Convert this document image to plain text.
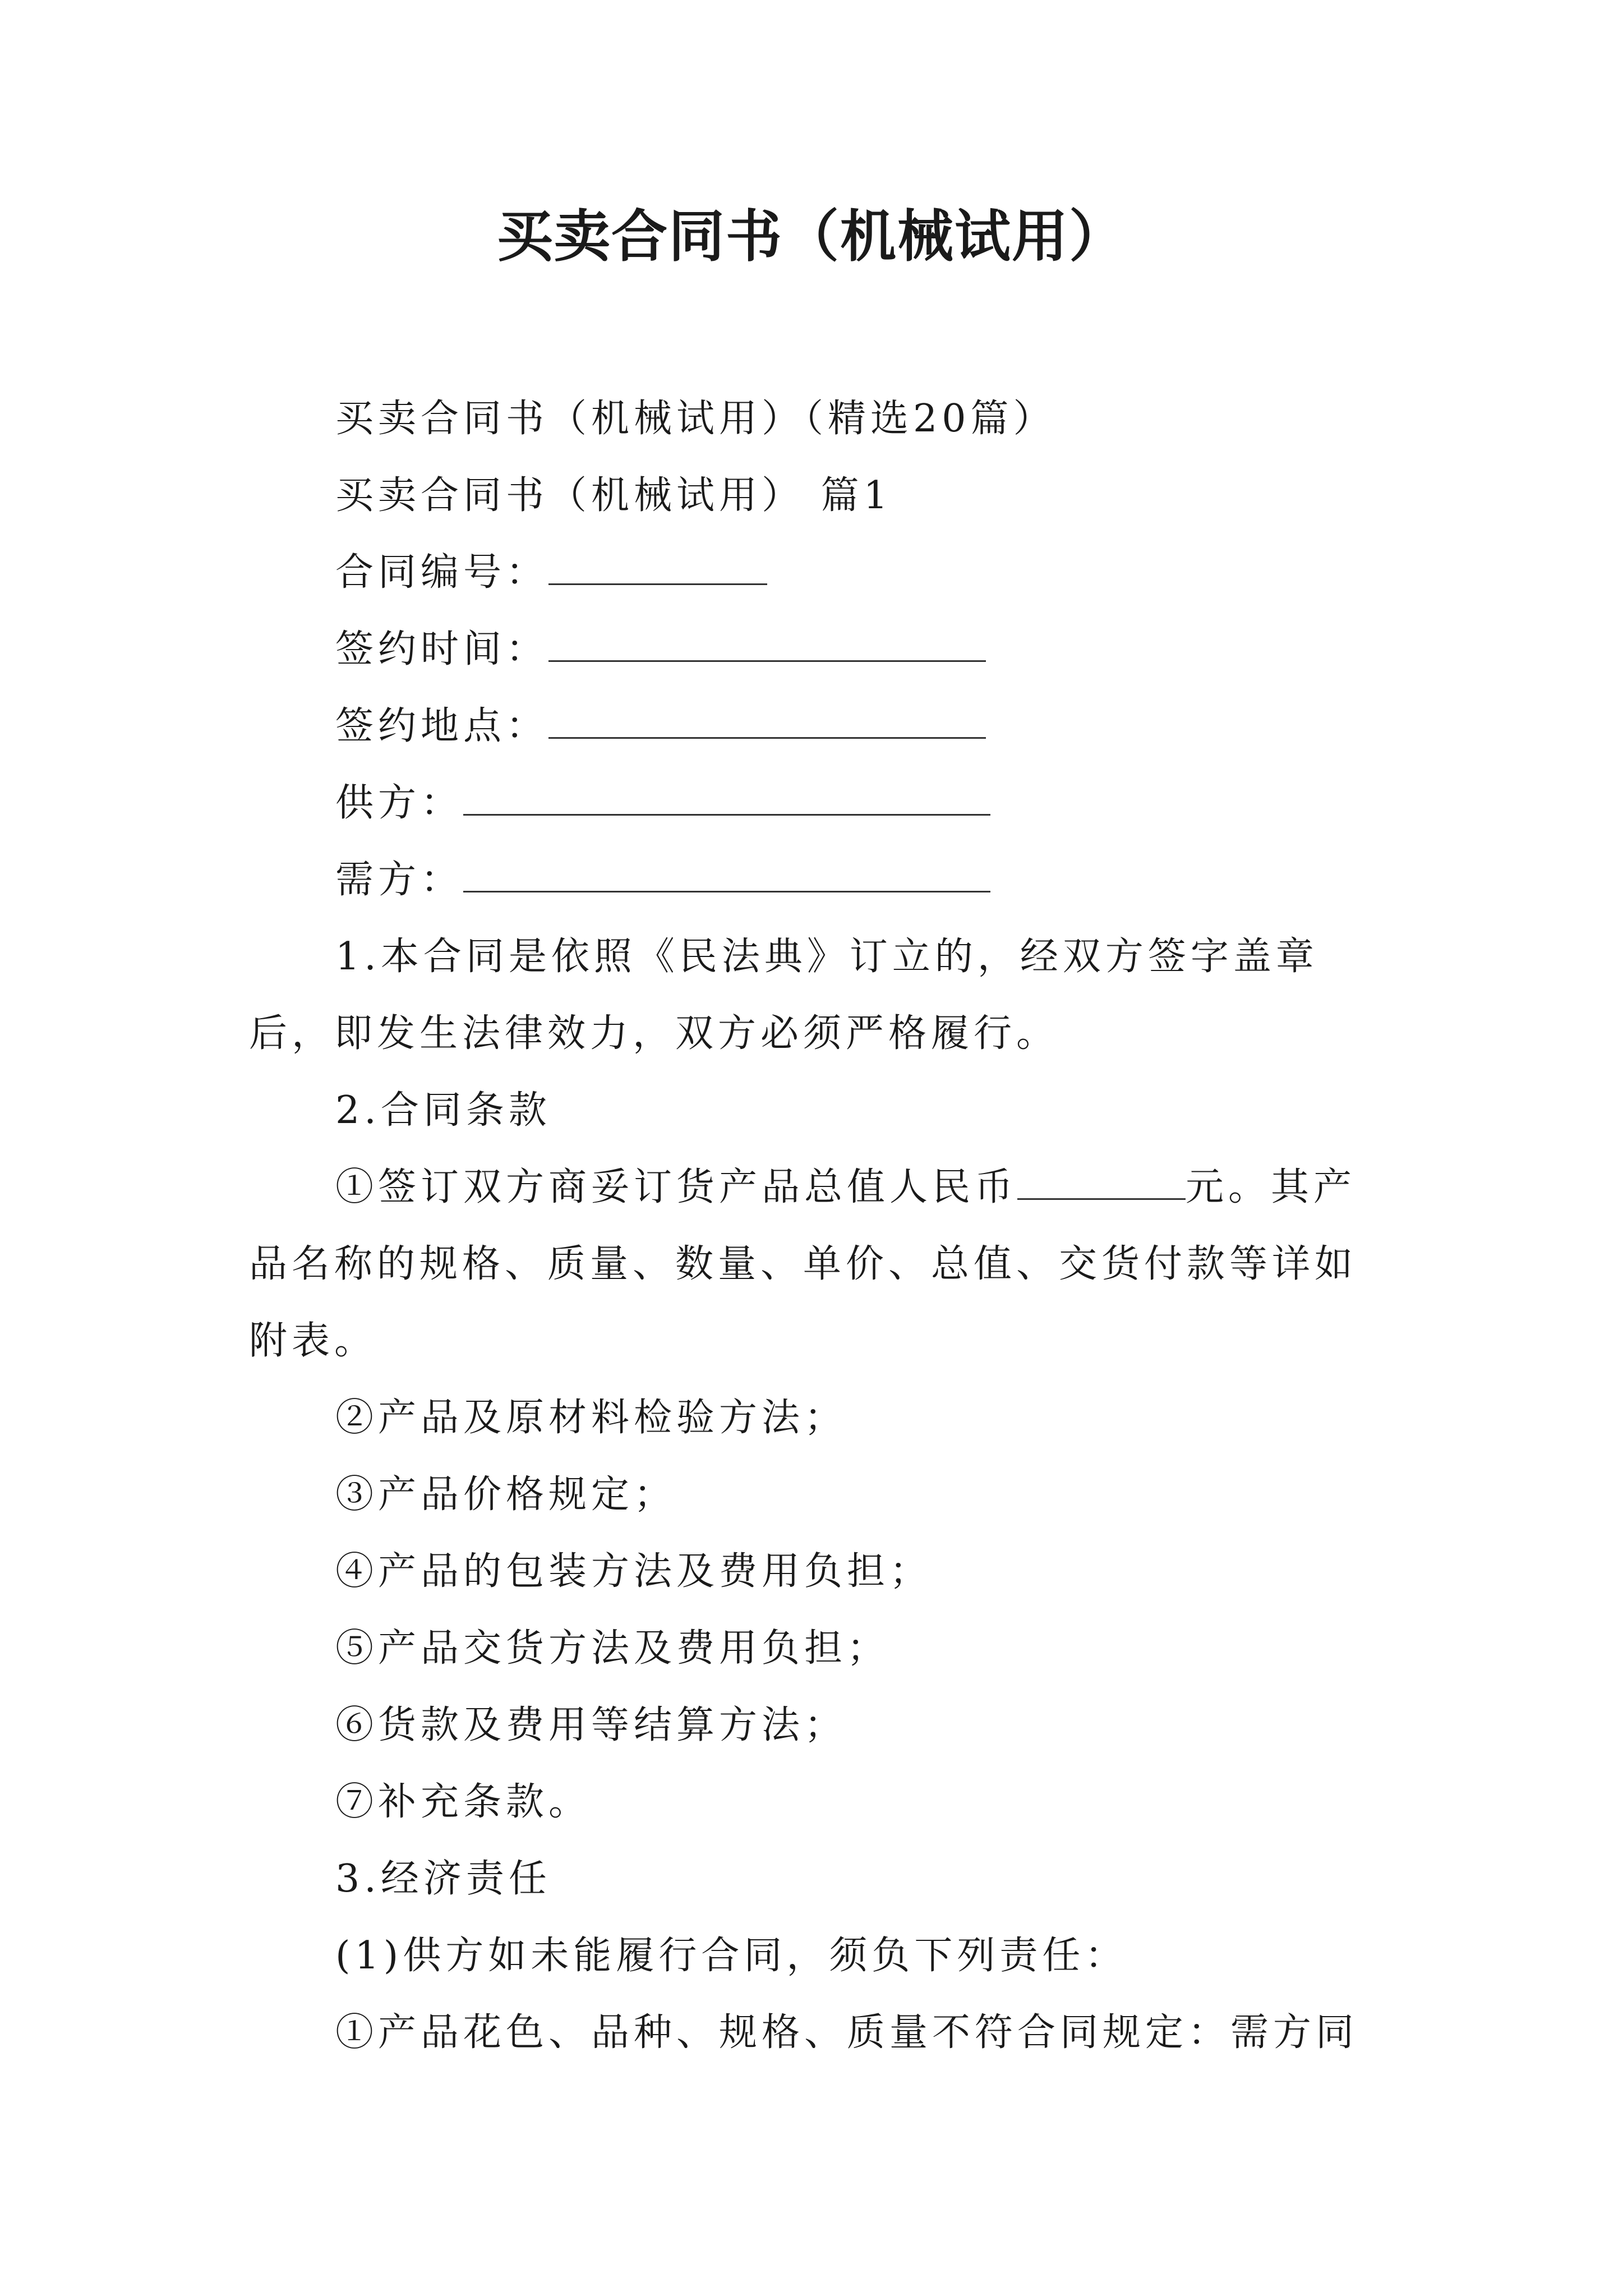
买卖合同书（机械试用）

买卖合同书（机械试用）（精选20篇）

买卖合同书（机械试用） 篇1

合同编号：

签约时间：

签约地点：

供方：

需方：

1.本合同是依照《民法典》订立的，经双方签字盖章后，即发生法律效力，双方必须严格履行。

2.合同条款

①签订双方商妥订货产品总值人民币	元。其产品名称的规格、质量、数量、单价、总值、交货付款等详如附表。

②产品及原材料检验方法；

③产品价格规定；

④产品的包装方法及费用负担；

⑤产品交货方法及费用负担；

⑥货款及费用等结算方法；

⑦补充条款。

3.经济责任

(1)供方如未能履行合同，须负下列责任：

①产品花色、品种、规格、质量不符合同规定：需方同
